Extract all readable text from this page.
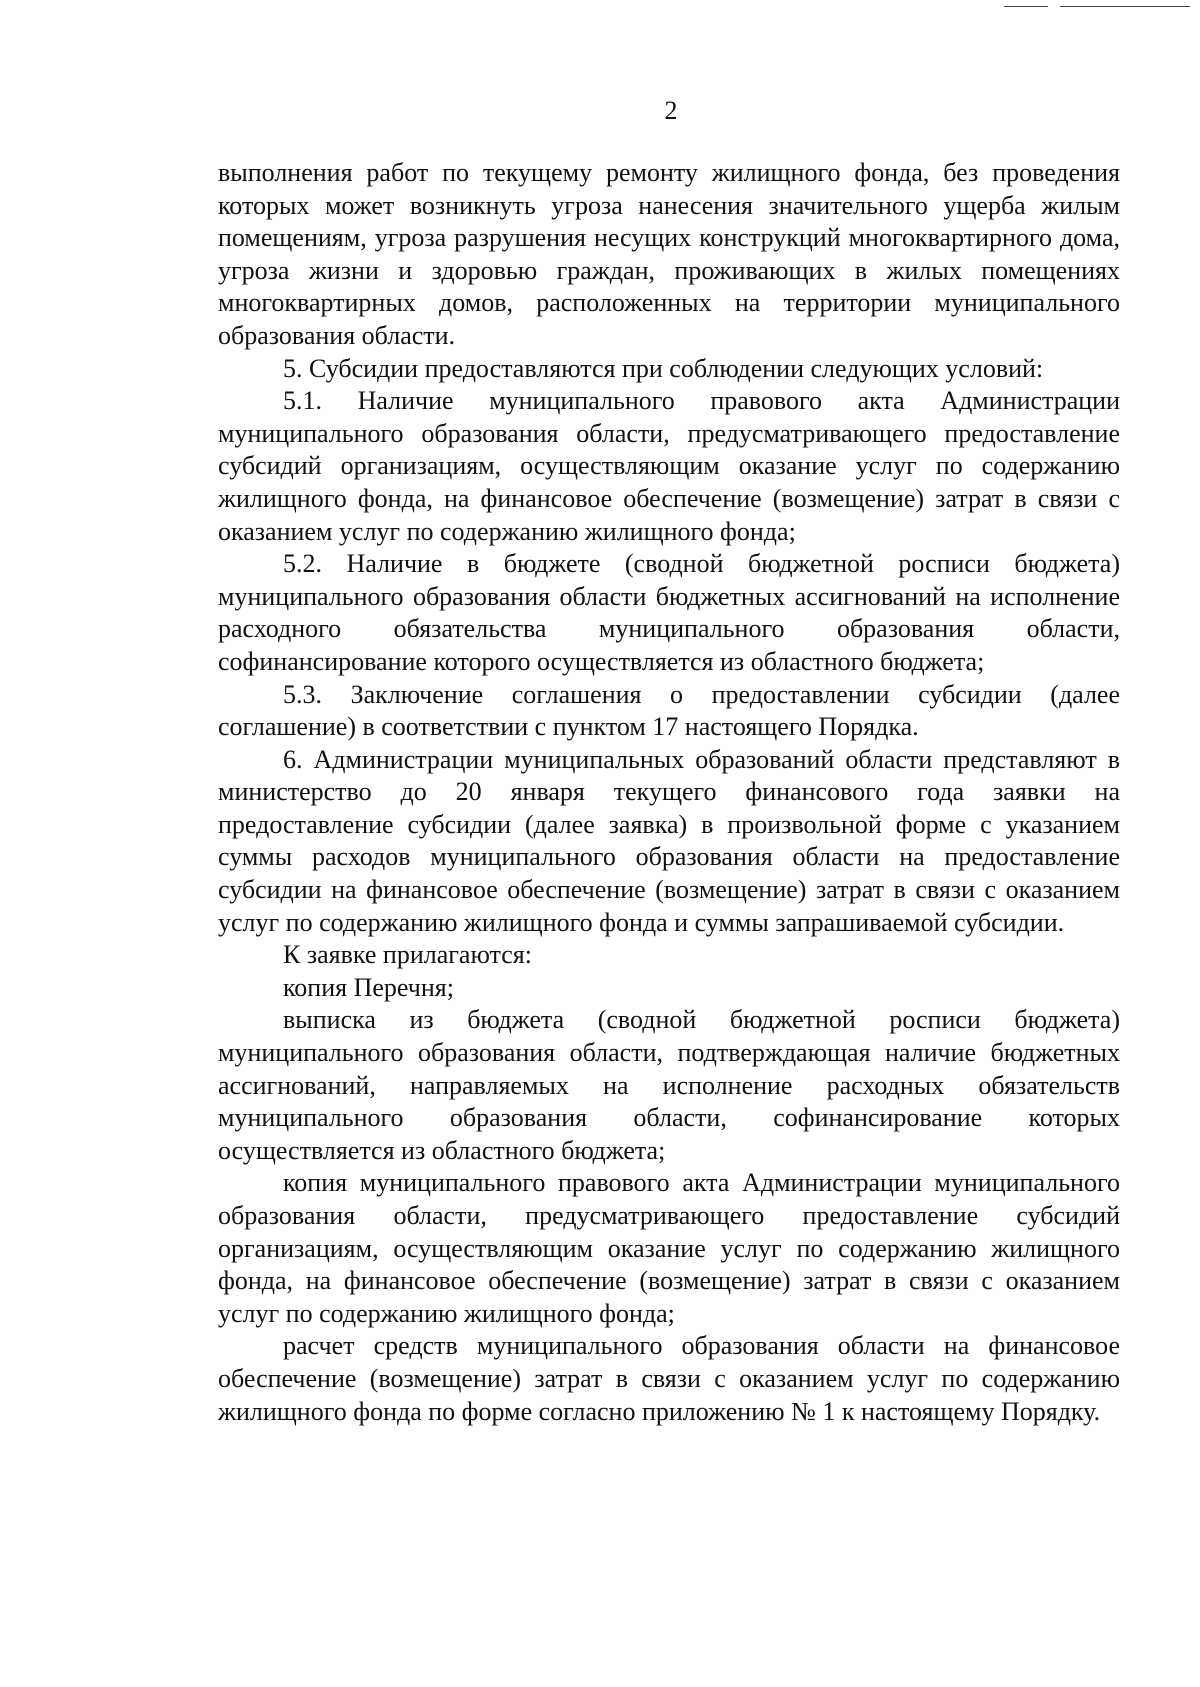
2

выполнения работ по текущему ремонту жилищного фонда, без проведения которых может возникнуть угроза нанесения значительного ущерба жилым помещениям, угроза разрушения несущих конструкций многоквартирного дома, угроза жизни и здоровью граждан, проживающих в жилых помещениях многоквартирных домов, расположенных на территории муниципального образования области.

5. Субсидии предоставляются при соблюдении следующих условий:

5.1. Наличие муниципального правового акта Администрации муниципального образования области, предусматривающего предоставление субсидий организациям, осуществляющим оказание услуг по содержанию жилищного фонда, на финансовое обеспечение (возмещение) затрат в связи с оказанием услуг по содержанию жилищного фонда;

5.2. Наличие в бюджете (сводной бюджетной росписи бюджета) муниципального образования области бюджетных ассигнований на исполнение расходного обязательства муниципального образования области, софинансирование которого осуществляется из областного бюджета;

5.3. Заключение соглашения о предоставлении субсидии (далее соглашение) в соответствии с пунктом 17 настоящего Порядка.

6. Администрации муниципальных образований области представляют в министерство до 20 января текущего финансового года заявки на предоставление субсидии (далее заявка) в произвольной форме с указанием суммы расходов муниципального образования области на предоставление субсидии на финансовое обеспечение (возмещение) затрат в связи с оказанием услуг по содержанию жилищного фонда и суммы запрашиваемой субсидии.

К заявке прилагаются:

копия Перечня;

выписка из бюджета (сводной бюджетной росписи бюджета) муниципального образования области, подтверждающая наличие бюджетных ассигнований, направляемых на исполнение расходных обязательств муниципального образования области, софинансирование которых осуществляется из областного бюджета;

копия муниципального правового акта Администрации муниципального образования области, предусматривающего предоставление субсидий организациям, осуществляющим оказание услуг по содержанию жилищного фонда, на финансовое обеспечение (возмещение) затрат в связи с оказанием услуг по содержанию жилищного фонда;

расчет средств муниципального образования области на финансовое обеспечение (возмещение) затрат в связи с оказанием услуг по содержанию жилищного фонда по форме согласно приложению № 1 к настоящему Порядку.
